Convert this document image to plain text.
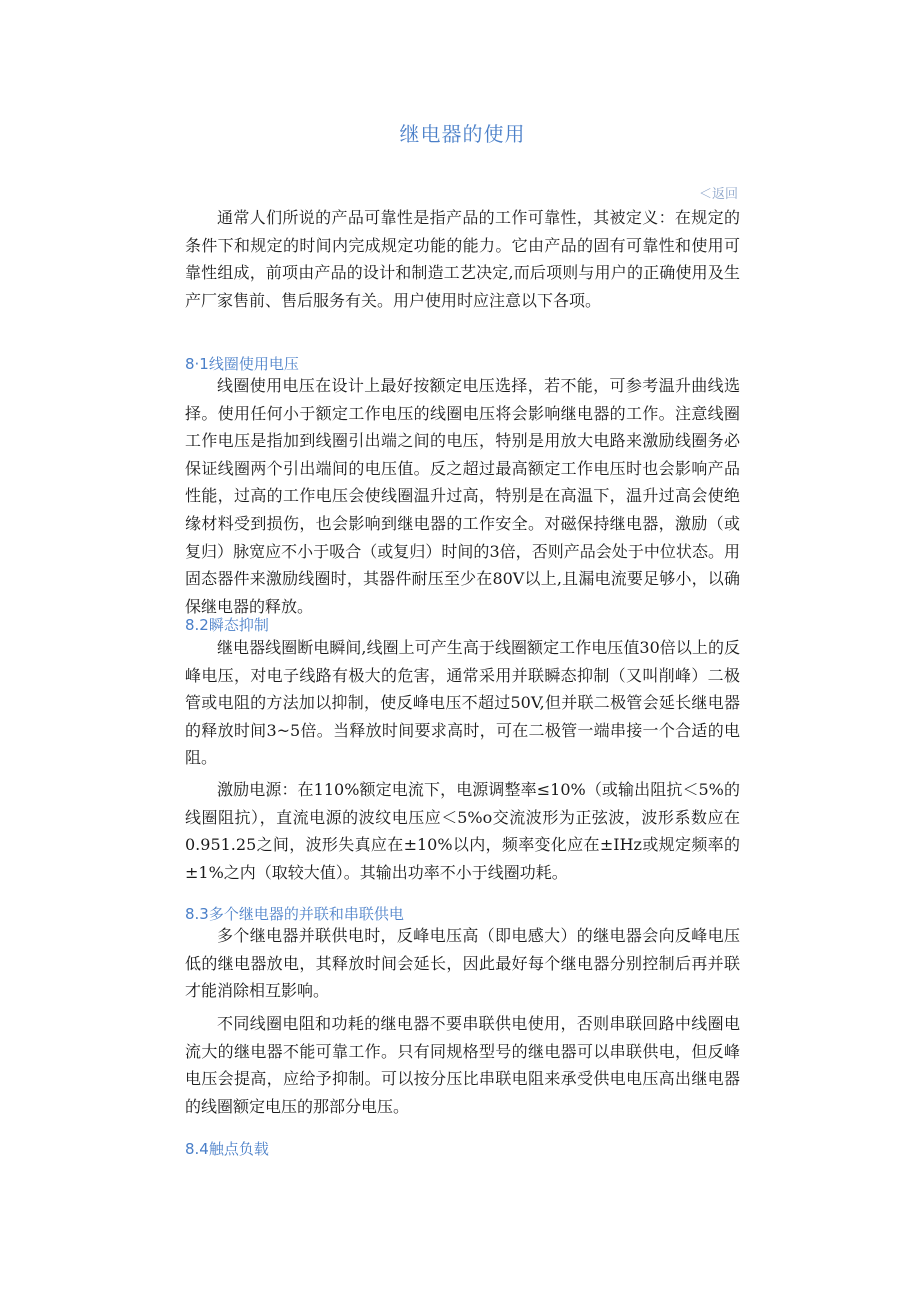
继电器的使用
＜返回

通常人们所说的产品可靠性是指产品的工作可靠性，其被定义：在规定的条件下和规定的时间内完成规定功能的能力。它由产品的固有可靠性和使用可靠性组成，前项由产品的设计和制造工艺决定,而后项则与用户的正确使用及生产厂家售前、售后服务有关。用户使用时应注意以下各项。

8·1线圈使用电压

线圈使用电压在设计上最好按额定电压选择，若不能，可参考温升曲线选择。使用任何小于额定工作电压的线圈电压将会影响继电器的工作。注意线圈工作电压是指加到线圈引出端之间的电压，特别是用放大电路来激励线圈务必保证线圈两个引出端间的电压值。反之超过最高额定工作电压时也会影响产品性能，过高的工作电压会使线圈温升过高，特别是在高温下，温升过高会使绝缘材料受到损伤，也会影响到继电器的工作安全。对磁保持继电器，激励（或复归）脉宽应不小于吸合（或复归）时间的3倍，否则产品会处于中位状态。用固态器件来激励线圈时，其器件耐压至少在80V以上,且漏电流要足够小，以确保继电器的释放。

8.2瞬态抑制

继电器线圈断电瞬间,线圈上可产生高于线圈额定工作电压值30倍以上的反峰电压，对电子线路有极大的危害，通常采用并联瞬态抑制（又叫削峰）二极管或电阻的方法加以抑制，使反峰电压不超过50V,但并联二极管会延长继电器的释放时间3~5倍。当释放时间要求高时，可在二极管一端串接一个合适的电阻。

激励电源：在110%额定电流下，电源调整率≤10%（或输出阻抗＜5%的线圈阻抗），直流电源的波纹电压应＜5%o交流波形为正弦波，波形系数应在0.951.25之间，波形失真应在±10%以内，频率变化应在±IHz或规定频率的±1%之内（取较大值）。其输出功率不小于线圈功耗。

8.3多个继电器的并联和串联供电

多个继电器并联供电时，反峰电压高（即电感大）的继电器会向反峰电压低的继电器放电，其释放时间会延长，因此最好每个继电器分别控制后再并联才能消除相互影响。

不同线圈电阻和功耗的继电器不要串联供电使用，否则串联回路中线圈电流大的继电器不能可靠工作。只有同规格型号的继电器可以串联供电，但反峰电压会提高，应给予抑制。可以按分压比串联电阻来承受供电电压高出继电器的线圈额定电压的那部分电压。

8.4触点负载
